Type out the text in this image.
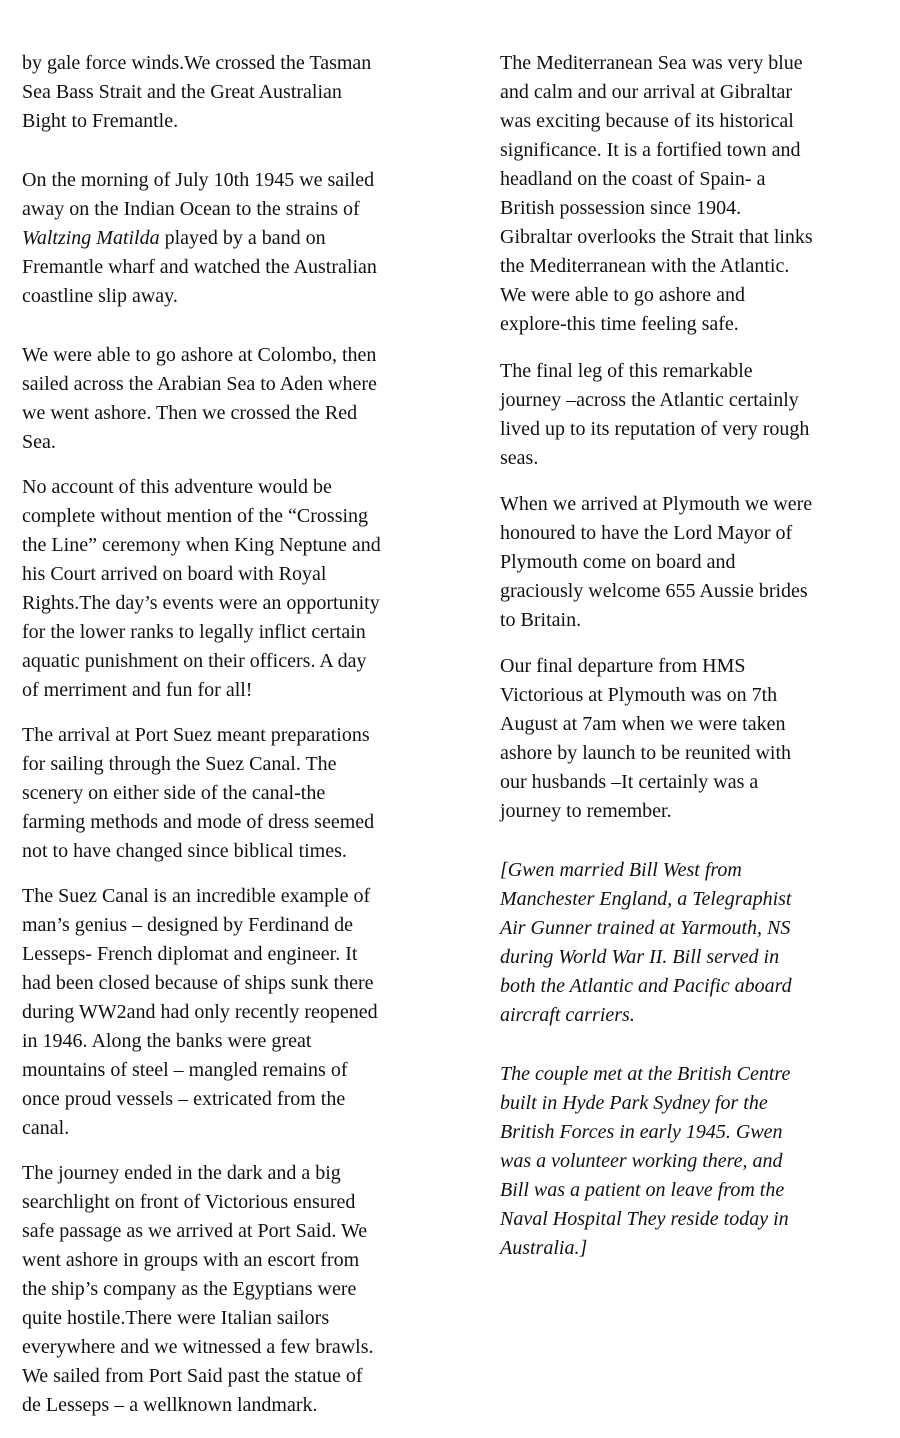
by gale force winds.We crossed the Tasman
Sea Bass Strait and the Great Australian
Bight to Fremantle.

On the morning of July 10th 1945 we sailed
away on the Indian Ocean to the strains of
Waltzing Matilda played by a band on
Fremantle wharf and watched the Australian
coastline slip away.

We were able to go ashore at Colombo, then
sailed across the Arabian Sea to Aden where
we went ashore. Then we crossed the Red
Sea.

No account of this adventure would be
complete without mention of the “Crossing
the Line” ceremony when King Neptune and
his Court arrived on board with Royal
Rights.The day’s events were an opportunity
for the lower ranks to legally inflict certain
aquatic punishment on their officers. A day
of merriment and fun for all!

The arrival at Port Suez meant preparations
for sailing through the Suez Canal. The
scenery on either side of the canal-the
farming methods and mode of dress seemed
not to have changed since biblical times.

The Suez Canal is an incredible example of
man’s genius – designed by Ferdinand de
Lesseps- French diplomat and engineer. It
had been closed because of ships sunk there
during WW2and had only recently reopened
in 1946. Along the banks were great
mountains of steel – mangled remains of
once proud vessels – extricated from the
canal.

The journey ended in the dark and a big
searchlight on front of Victorious ensured
safe passage as we arrived at Port Said. We
went ashore in groups with an escort from
the ship’s company as the Egyptians were
quite hostile.There were Italian sailors
everywhere and we witnessed a few brawls.
We sailed from Port Said past the statue of
de Lesseps – a wellknown landmark.

The Mediterranean Sea was very blue
and calm and our arrival at Gibraltar
was exciting because of its historical
significance. It is a fortified town and
headland on the coast of Spain- a
British possession since 1904.
Gibraltar overlooks the Strait that links
the Mediterranean with the Atlantic.
We were able to go ashore and
explore-this time feeling safe.

The final leg of this remarkable
journey –across the Atlantic certainly
lived up to its reputation of very rough
seas.

When we arrived at Plymouth we were
honoured to have the Lord Mayor of
Plymouth come on board and
graciously welcome 655 Aussie brides
to Britain.

Our final departure from HMS
Victorious at Plymouth was on 7th
August at 7am when we were taken
ashore by launch to be reunited with
our husbands –It certainly was a
journey to remember.

[Gwen married Bill West from
Manchester England, a Telegraphist
Air Gunner trained at Yarmouth, NS
during World War II. Bill served in
both the Atlantic and Pacific aboard
aircraft carriers.

The couple met at the British Centre
built in Hyde Park Sydney for the
British Forces in early 1945. Gwen
was a volunteer working there, and
Bill was a patient on leave from the
Naval Hospital They reside today in
Australia.]
